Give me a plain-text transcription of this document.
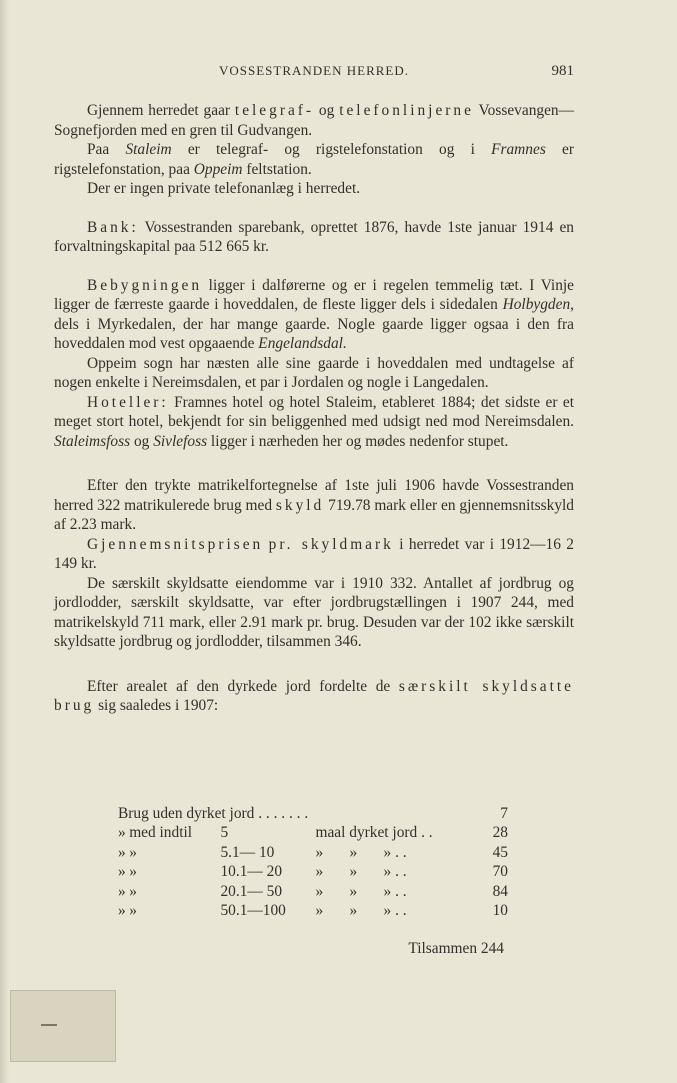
VOSSESTRANDEN HERRED.	981

Gjennem herredet gaar telegraf- og telefonlinjerne Vossevangen—Sognefjorden med en gren til Gudvangen.

Paa Staleim er telegraf- og rigstelefonstation og i Framnes er rigstelefonstation, paa Oppeim feltstation.

Der er ingen private telefonanlæg i herredet.

Bank: Vossestranden sparebank, oprettet 1876, havde 1ste januar 1914 en forvaltningskapital paa 512 665 kr.

Bebygningen ligger i dalførerne og er i regelen temmelig tæt. I Vinje ligger de færreste gaarde i hoveddalen, de fleste ligger dels i sidedalen Holbygden, dels i Myrkedalen, der har mange gaarde. Nogle gaarde ligger ogsaa i den fra hoveddalen mod vest opgaaende Engelandsdal.

Oppeim sogn har næsten alle sine gaarde i hoveddalen med undtagelse af nogen enkelte i Nereimsdalen, et par i Jordalen og nogle i Langedalen.

Hoteller: Framnes hotel og hotel Staleim, etableret 1884; det sidste er et meget stort hotel, bekjendt for sin beliggenhed med udsigt ned mod Nereimsdalen. Staleimsfoss og Sivlefoss ligger i nærheden her og mødes nedenfor stupet.

Efter den trykte matrikelfortegnelse af 1ste juli 1906 havde Vossestranden herred 322 matrikulerede brug med skyld 719.78 mark eller en gjennemsnitsskyld af 2.23 mark.

Gjennemsnitsprisen pr. skyldmark i herredet var i 1912—16 2 149 kr.

De særskilt skyldsatte eiendomme var i 1910 332. Antallet af jordbrug og jordlodder, særskilt skyldsatte, var efter jordbrugstællingen i 1907 244, med matrikelskyld 711 mark, eller 2.91 mark pr. brug. Desuden var der 102 ikke særskilt skyldsatte jordbrug og jordlodder, tilsammen 346.

Efter arealet af den dyrkede jord fordelte de særskilt skyldsatte brug sig saaledes i 1907:

Brug uden dyrket jord . . . . . . .						7
»	med indtil	5	maal dyrket jord . .			28
»	»	5.1— 10	»	»	» . .	45
»	»	10.1— 20	»	»	» . .	70
»	»	20.1— 50	»	»	» . .	84
»	»	50.1—100	»	»	» . .	10
Tilsammen 244
